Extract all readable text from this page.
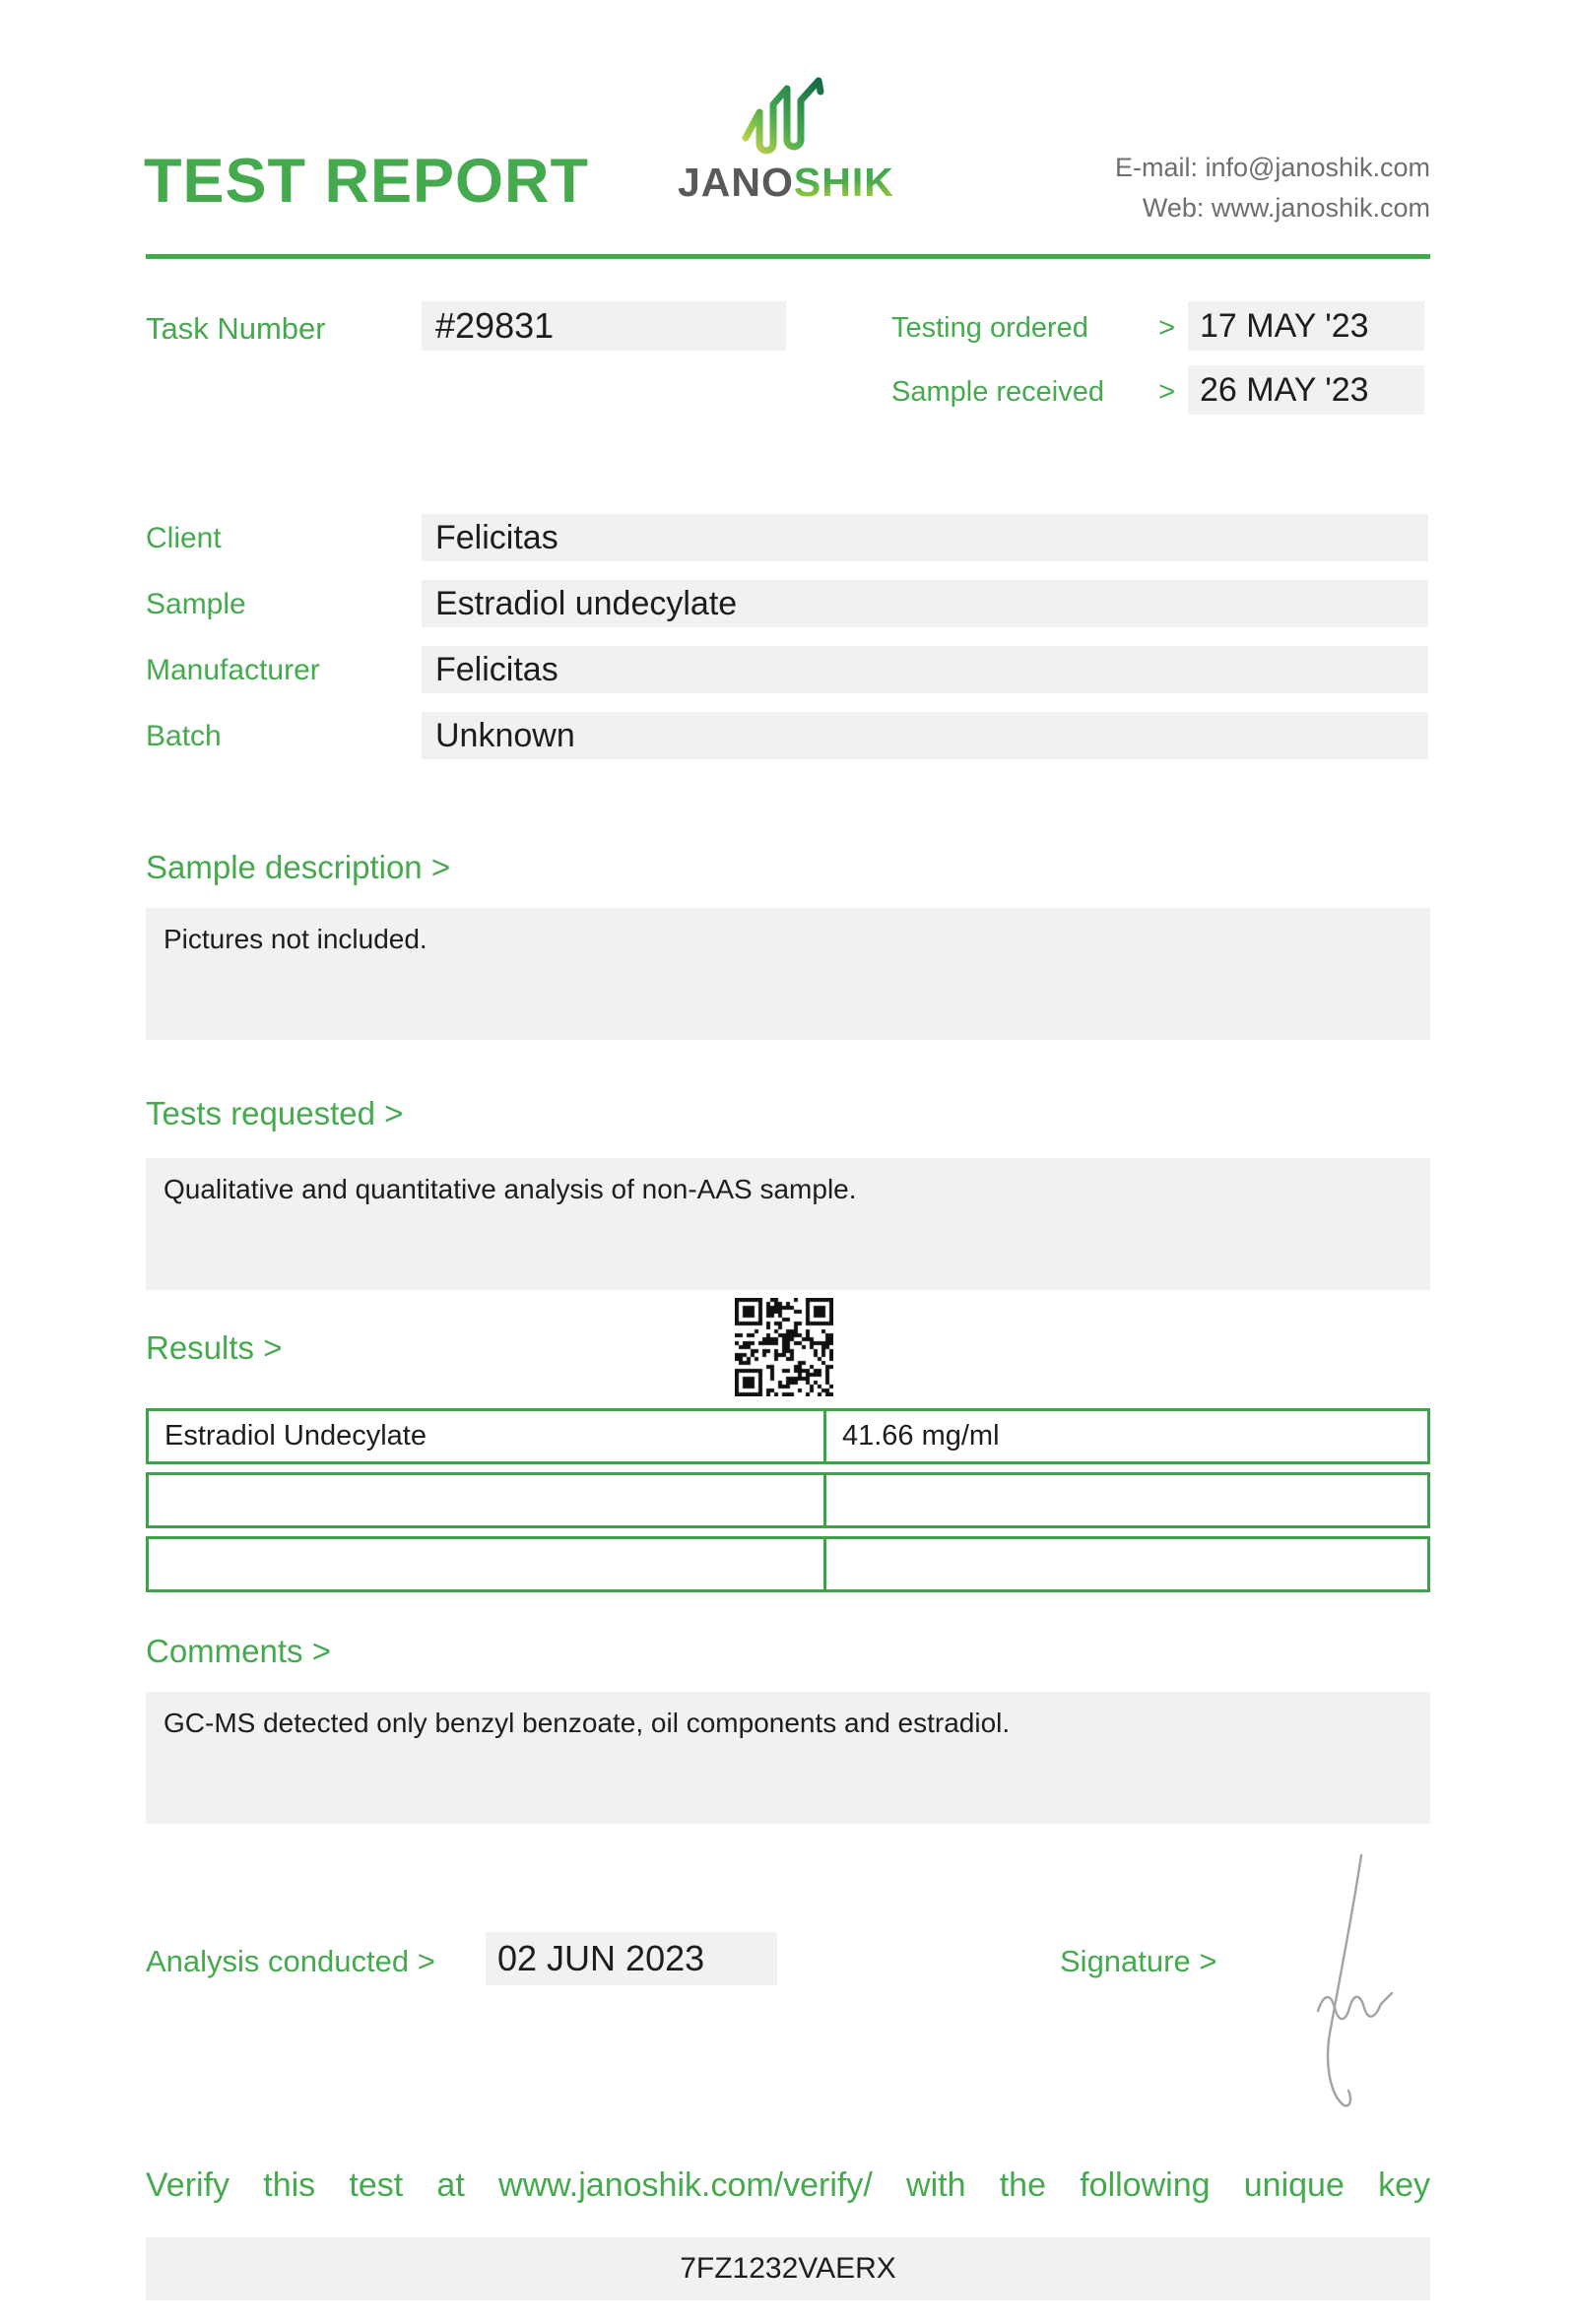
TEST REPORT JANOSHIK	E-mail: info@janoshik.com
Web: www.janoshik.com
Task Number	#29831	Testing ordered > 17 MAY '23
Sample received > 26 MAY '23
Client	Felicitas
Sample	Estradiol undecylate
Manufacturer	Felicitas
Batch	Unknown
Sample description >
Pictures not included.
Tests requested >
Qualitative and quantitative analysis of non-AAS sample.
Results >
Estradiol Undecylate	41.66 mg/ml
Comments >
GC-MS detected only benzyl benzoate, oil components and estradiol.
Analysis conducted >	02 JUN 2023	Signature >
Verify this test at www.janoshik.com/verify/ with the following unique key
7FZ1232VAERX
